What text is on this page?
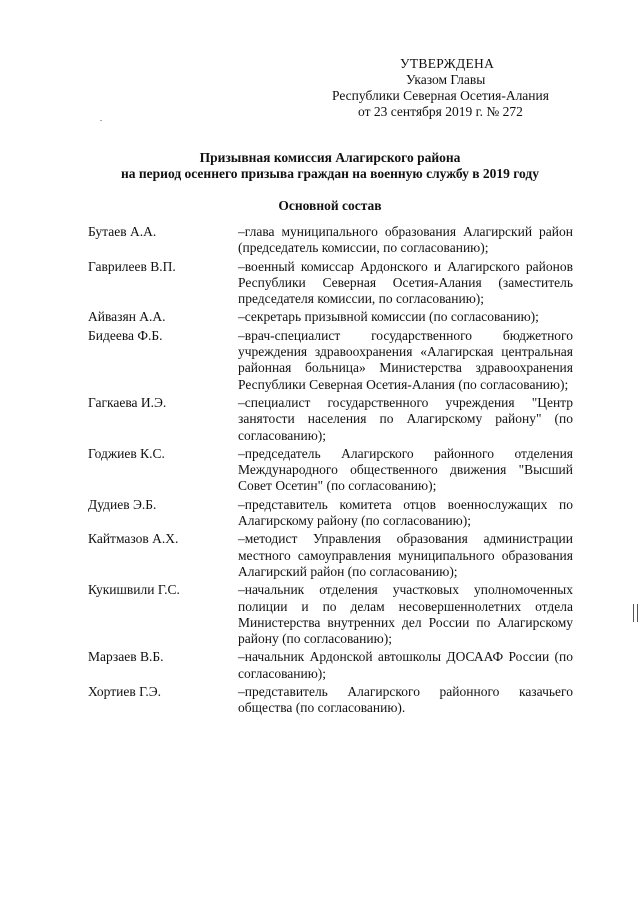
УТВЕРЖДЕНА
Указом Главы
Республики Северная Осетия-Алания
от 23 сентября 2019 г. № 272
Призывная комиссия Алагирского района
на период осеннего призыва граждан на военную службу в 2019 году
Основной состав
Бутаев А.А.	–глава муниципального образования Алагирский район (председатель комиссии, по согласованию);
Гаврилеев В.П.	–военный комиссар Ардонского и Алагирского районов Республики Северная Осетия-Алания (заместитель председателя комиссии, по согласованию);
Айвазян А.А.	–секретарь призывной комиссии (по согласованию);
Бидеева Ф.Б.	–врач-специалист государственного бюджетного учреждения здравоохранения «Алагирская центральная районная больница» Министерства здравоохранения Республики Северная Осетия-Алания (по согласованию);
Гагкаева И.Э.	–специалист государственного учреждения "Центр занятости населения по Алагирскому району" (по согласованию);
Годжиев К.С.	–председатель Алагирского районного отделения Международного общественного движения "Высший Совет Осетин" (по согласованию);
Дудиев Э.Б.	–представитель комитета отцов военнослужащих по Алагирскому району (по согласованию);
Кайтмазов А.Х.	–методист Управления образования администрации местного самоуправления муниципального образования Алагирский район (по согласованию);
Кукишвили Г.С.	–начальник отделения участковых уполномоченных полиции и по делам несовершеннолетних отдела Министерства внутренних дел России по Алагирскому району (по согласованию);
Марзаев В.Б.	–начальник Ардонской автошколы ДОСААФ России (по согласованию);
Хортиев Г.Э.	–представитель Алагирского районного казачьего общества (по согласованию).
